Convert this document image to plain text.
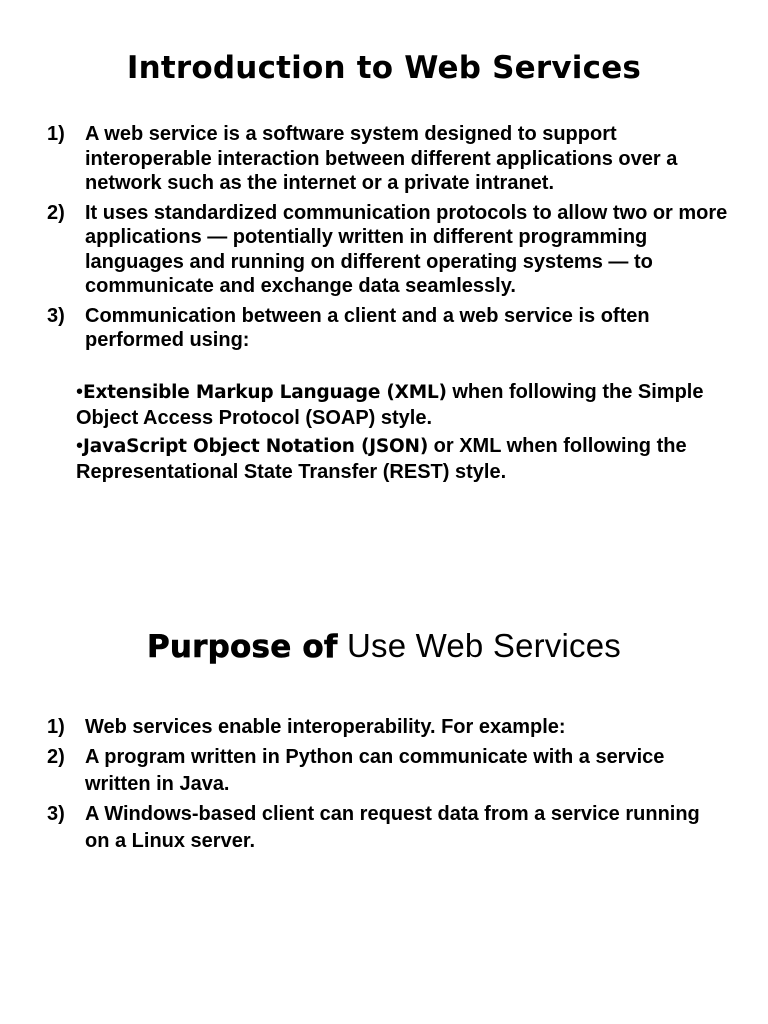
Introduction to Web Services
1) A web service is a software system designed to support interoperable interaction between different applications over a network such as the internet or a private intranet.
2) It uses standardized communication protocols to allow two or more applications — potentially written in different programming languages and running on different operating systems — to communicate and exchange data seamlessly.
3) Communication between a client and a web service is often performed using:
•Extensible Markup Language (XML) when following the Simple Object Access Protocol (SOAP) style.
•JavaScript Object Notation (JSON) or XML when following the Representational State Transfer (REST) style.
Purpose of Use Web Services
1) Web services enable interoperability. For example:
2) A program written in Python can communicate with a service written in Java.
3) A Windows-based client can request data from a service running on a Linux server.
